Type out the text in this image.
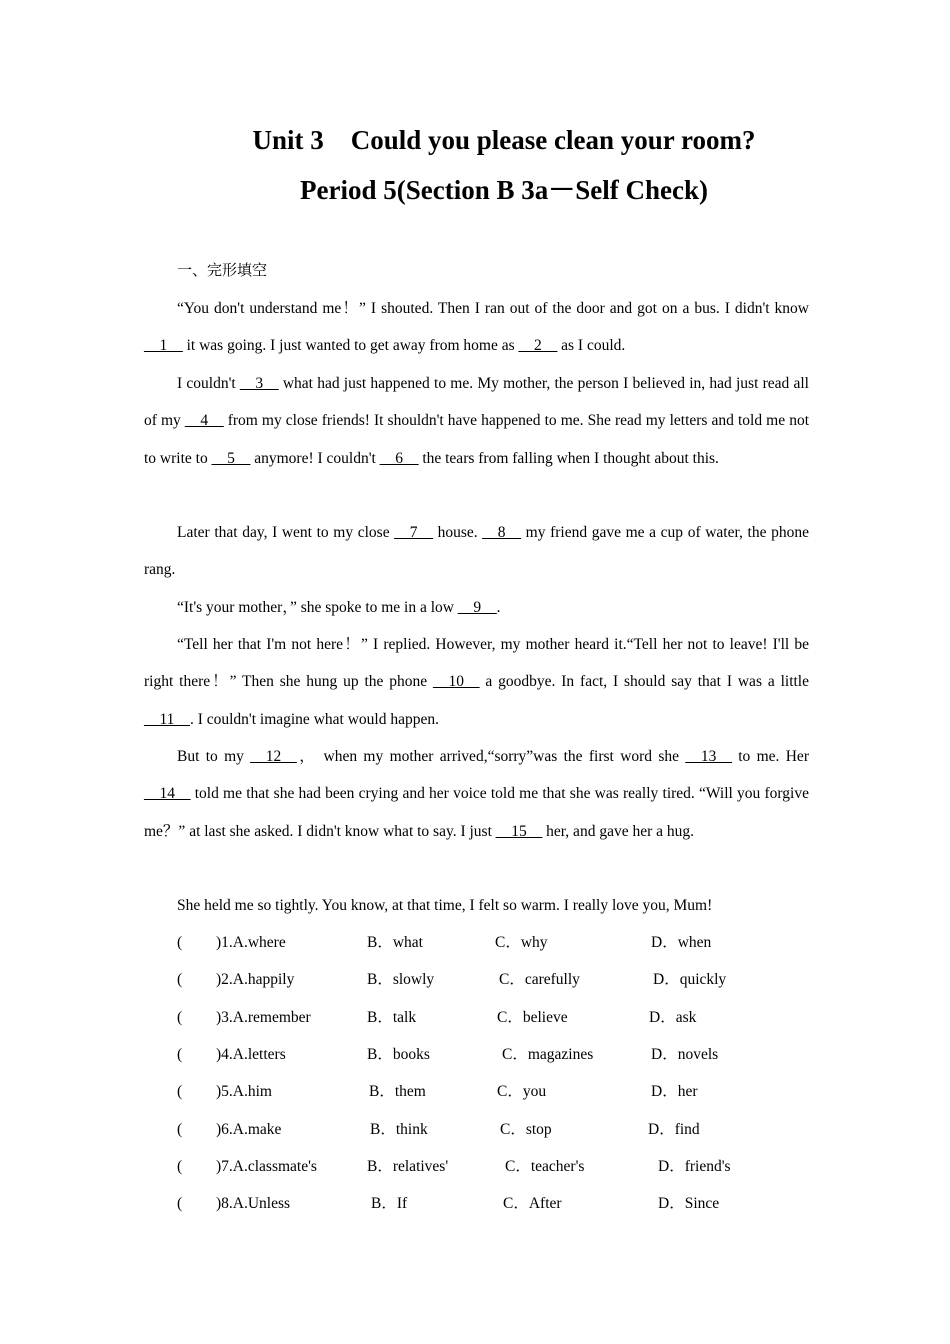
Unit 3    Could you please clean your room?
Period 5(Section B 3a－Self Check)
一、完形填空
“You don't understand me！” I shouted. Then I ran out of the door and got on a bus. I didn't know __1__ it was going. I just wanted to get away from home as __2__ as I could.
I couldn't __3__ what had just happened to me. My mother, the person I believed in, had just read all of my __4__ from my close friends! It shouldn't have happened to me. She read my letters and told me not to write to __5__ anymore! I couldn't __6__ the tears from falling when I thought about this.
Later that day, I went to my close __7__ house. __8__ my friend gave me a cup of water, the phone rang.
“It's your mother，” she spoke to me in a low __9__.
“Tell her that I'm not here！” I replied. However, my mother heard it.“Tell her not to leave! I'll be right there！” Then she hung up the phone __10__ a goodbye. In fact, I should say that I was a little __11__. I couldn't imagine what would happen.
But to my __12__， when my mother arrived,“sorry”was the first word she __13__ to me. Her __14__ told me that she had been crying and her voice told me that she was really tired. “Will you forgive me？” at last she asked. I didn't know what to say. I just __15__ her, and gave her a hug.
She held me so tightly. You know, at that time, I felt so warm. I really love you, Mum!
( )1.A.where	B．what	C．why	D．when
( )2.A.happily	B．slowly	C．carefully	D．quickly
( )3.A.remember	B．talk	C．believe	D．ask
( )4.A.letters	B．books	C．magazines	D．novels
( )5.A.him	B．them	C．you	D．her
( )6.A.make	B．think	C．stop	D．find
( )7.A.classmate's	B．relatives'	C．teacher's	D．friend's
( )8.A.Unless	B．If	C．After	D．Since
